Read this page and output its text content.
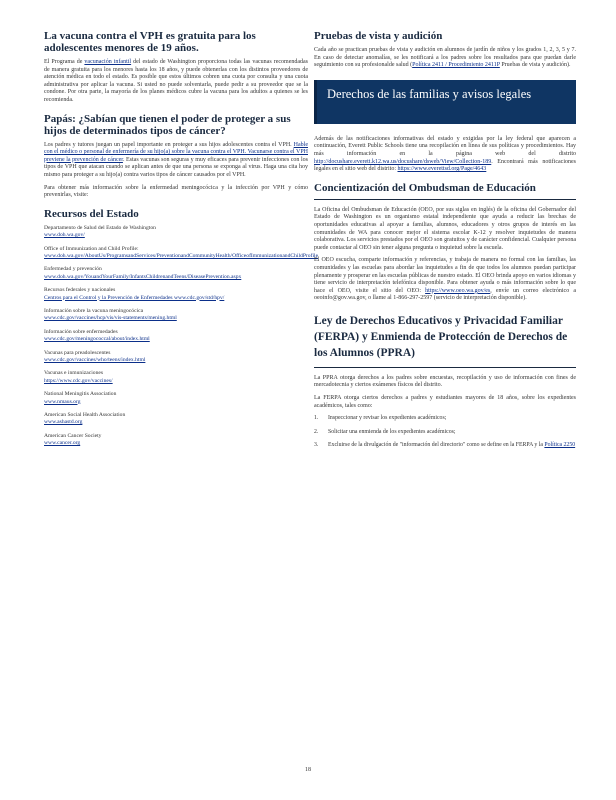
La vacuna contra el VPH es gratuita para los adolescentes menores de 19 años.

El Programa de vacunación infantil del estado de Washington proporciona todas las vacunas recomendadas de manera gratuita para los menores hasta los 18 años, y puede obtenerlas con los distintos proveedores de atención médica en todo el estado. Es posible que estos últimos cobren una cuota por consulta y una cuota administrativa por aplicar la vacuna. Si usted no puede solventarla, puede pedir a su proveedor que se la condone. Por otra parte, la mayoría de los planes médicos cubre la vacuna para los adultos a quienes se les recomienda.

Papás: ¿Sabían que tienen el poder de proteger a sus hijos de determinados tipos de cáncer?

Los padres y tutores juegan un papel importante en proteger a sus hijos adolescentes contra el VPH. Hable con el médico o personal de enfermería de su hijo(a) sobre la vacuna contra el VPH. Vacunarse contra el VPH previene la prevención de cáncer. Estas vacunas son seguras y muy eficaces para prevenir infecciones con los tipos de VPH que atacan cuando se aplican antes de que una persona se exponga al virus. Haga una cita hoy mismo para proteger a su hijo(a) contra varios tipos de cáncer causados por el VPH.

Para obtener más información sobre la enfermedad meningocócica y la infección por VPH y cómo prevenirlas, visite:

Recursos del Estado
Departamento de Salud del Estado de Washington
www.doh.wa.gov/
Office of Immunization and Child Profile:
www.doh.wa.gov/AboutUs/ProgramsandServices/PreventionandCommunityHealth/OfficeofImmunizationandChildProfile
Enfermedad y prevención
www.doh.wa.gov/YouandYourFamily/InfantsChildrenandTeens/DiseasePrevention.aspx
Recursos federales y nacionales
Centros para el Control y la Prevención de Enfermedades www.cdc.gov/std/hpv/
Información sobre la vacuna meningocócica
www.cdc.gov/vaccines/hcp/vis/vis-statements/mening.html
Información sobre enfermedades
www.cdc.gov/meningococcal/about/index.html
Vacunas para preadolescentes
www.cdc.gov/vaccines/who/teens/index.html
Vacunas e inmunizaciones
https://www.cdc.gov/vaccines/
National Meningitis Association
www.nmaus.org
American Social Health Association
www.ashastd.org
American Cancer Society
www.cancer.org
Pruebas de vista y audición

Cada año se practican pruebas de vista y audición en alumnos de jardín de niños y los grados 1, 2, 3, 5 y 7. En caso de detectar anomalías, se les notificará a los padres sobre los resultados para que puedan darle seguimiento con su profesionalde salud (Política 2411 / Procedimiento 2411P Pruebas de vista y audición).

Derechos de las familias y avisos legales

Además de las notificaciones informativas del estado y exigidas por la ley federal que aparecen a continuación, Everett Public Schools tiene una recopilación en línea de sus políticas y procedimientos. Hay más información en la página web del distrito http://docushare.everett.k12.wa.us/docushare/dsweb/View/Collection-189. Encontrará más notificaciones legales en el sitio web del distrito: https://www.everettsd.org/Page/4643

Concientización del Ombudsman de Educación

La Oficina del Ombudsman de Educación (OEO, por sus siglas en inglés) de la oficina del Gobernador del Estado de Washington es un organismo estatal independiente que ayuda a reducir las brechas de oportunidades educativas al apoyar a familias, alumnos, educadores y otros grupos de interés en las comunidades de WA para conocer mejor el sistema escolar K-12 y resolver inquietudes de manera colaborativa. Los servicios prestados por el OEO son gratuitos y de carácter confidencial. Cualquier persona puede contactar al OEO sin tener alguna pregunta o inquietud sobre la escuela.

El OEO escucha, comparte información y referencias, y trabaja de manera no formal con las familias, las comunidades y las escuelas para abordar las inquietudes a fin de que todos los alumnos puedan participar plenamente y prosperar en las escuelas públicas de nuestro estado. El OEO brinda apoyo en varios idiomas y tiene servicio de interpretación telefónica disponible. Para obtener ayuda o más información sobre lo que hace el OEO, visite el sitio del OEO: https://www.oeo.wa.gov/es, envíe un correo electrónico a oeoinfo@gov.wa.gov, o llame al 1-866-297-2597 (servicio de interpretación disponible).

Ley de Derechos Educativos y Privacidad Familiar (FERPA) y Enmienda de Protección de Derechos de los Alumnos (PPRA)

La PPRA otorga derechos a los padres sobre encuestas, recopilación y uso de información con fines de mercadotecnia y ciertos exámenes físicos del distrito.

La FERPA otorga ciertos derechos a padres y estudiantes mayores de 18 años, sobre los expedientes académicos, tales como:

1.	Inspeccionar y revisar los expedientes académicos;
2.	Solicitar una enmienda de los expedientes académicos;
3.	Excluirse de la divulgación de "información del directorio" como se define en la FERPA y la Política 2250
18
